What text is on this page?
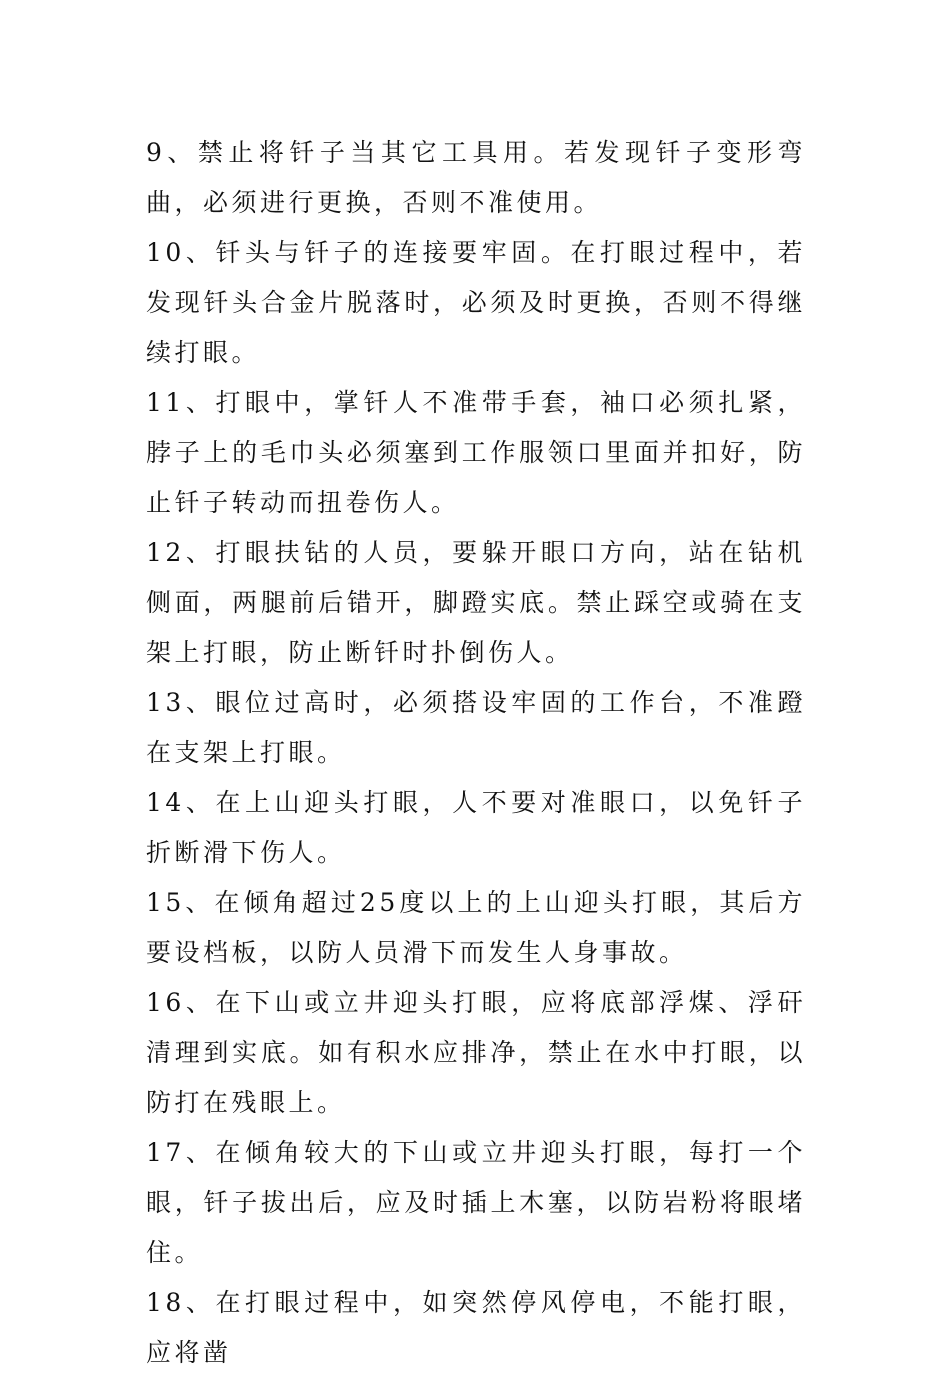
9、禁止将钎子当其它工具用。若发现钎子变形弯曲，必须进行更换，否则不准使用。

10、钎头与钎子的连接要牢固。在打眼过程中，若发现钎头合金片脱落时，必须及时更换，否则不得继续打眼。

11、打眼中，掌钎人不准带手套，袖口必须扎紧，脖子上的毛巾头必须塞到工作服领口里面并扣好，防止钎子转动而扭卷伤人。

12、打眼扶钻的人员，要躲开眼口方向，站在钻机侧面，两腿前后错开，脚蹬实底。禁止踩空或骑在支架上打眼，防止断钎时扑倒伤人。

13、眼位过高时，必须搭设牢固的工作台，不准蹬在支架上打眼。

14、在上山迎头打眼，人不要对准眼口，以免钎子折断滑下伤人。

15、在倾角超过25度以上的上山迎头打眼，其后方要设档板，以防人员滑下而发生人身事故。

16、在下山或立井迎头打眼，应将底部浮煤、浮矸清理到实底。如有积水应排净，禁止在水中打眼，以防打在残眼上。

17、在倾角较大的下山或立井迎头打眼，每打一个眼，钎子拔出后，应及时插上木塞，以防岩粉将眼堵住。

18、在打眼过程中，如突然停风停电，不能打眼，应将凿
